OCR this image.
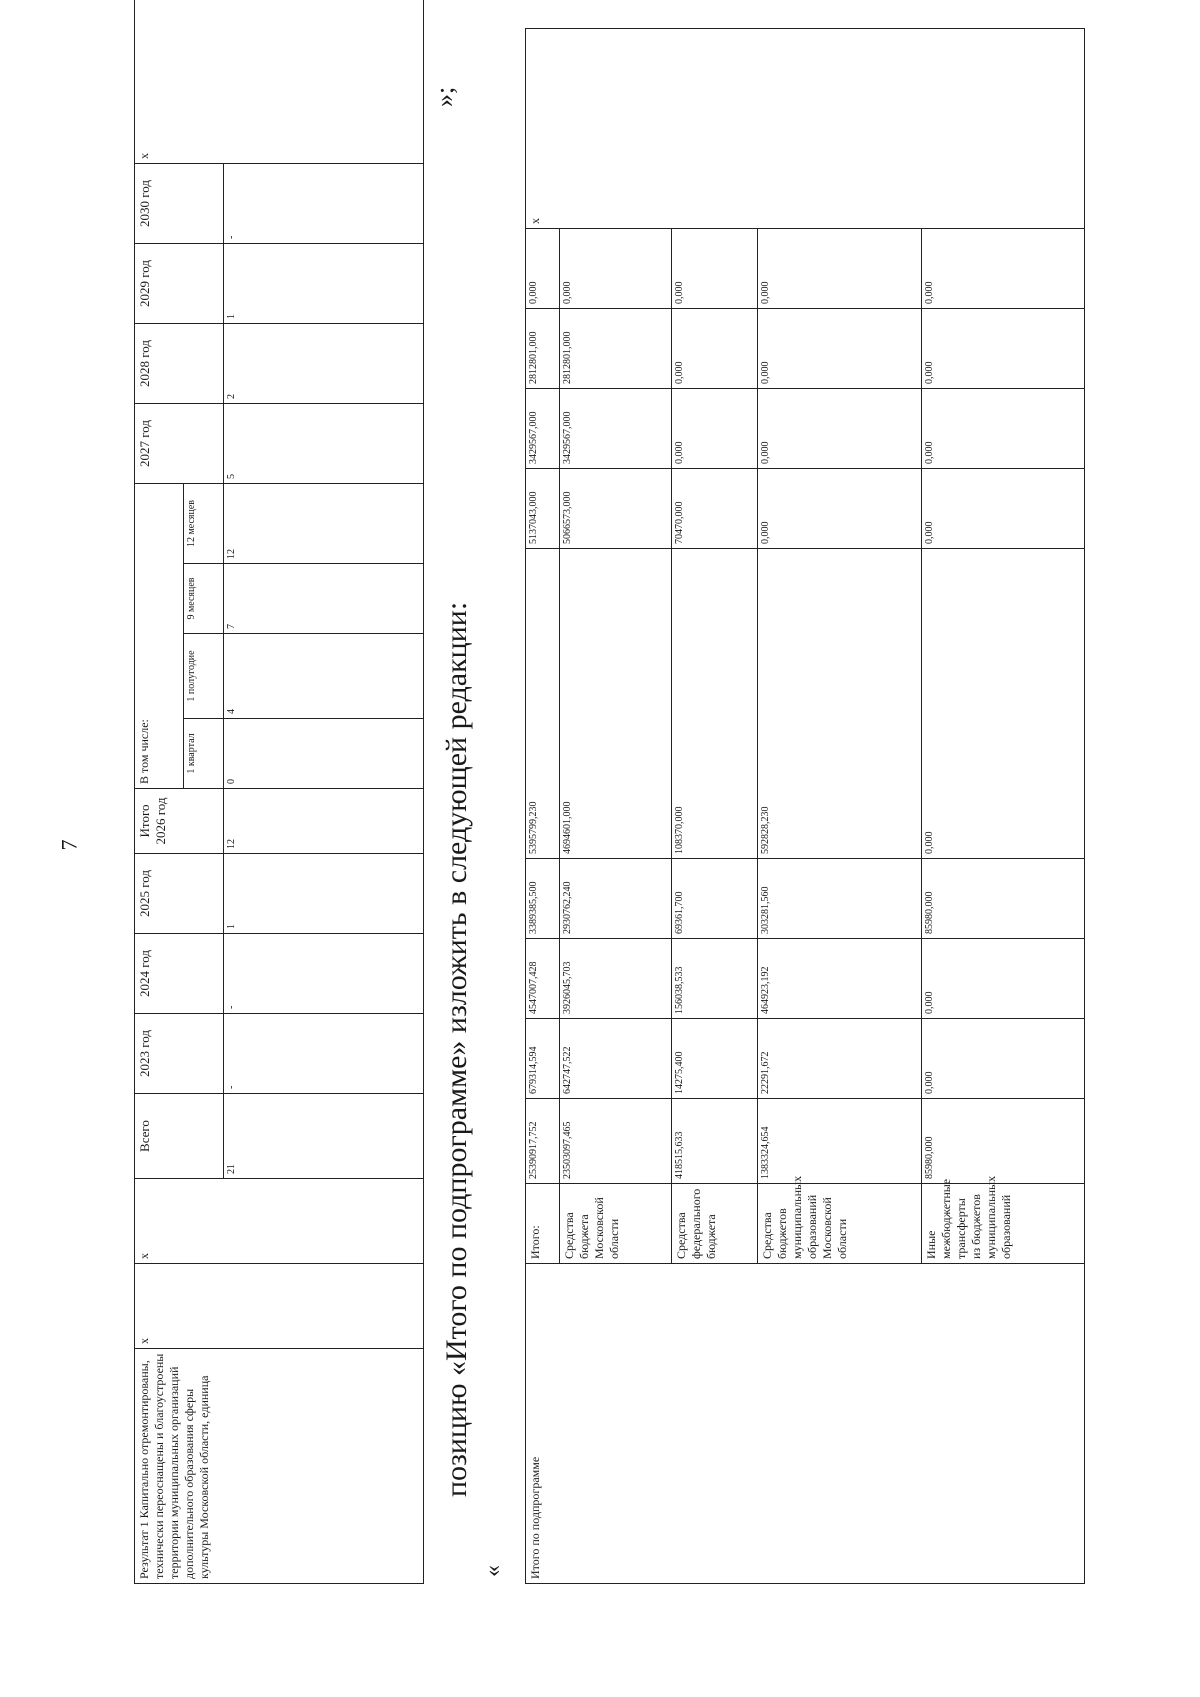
»;
Результат 1 Капитально отремонтированы, технически переоснащены и благоустроены территории муниципальных организаций дополнительного образования сферы культуры Московской области, единица	x	x	Всего	2023 год	2024 год	2025 год	Итого 2026 год	В том числе:				2027 год	2028 год	2029 год	2030 год	x
								1 квартал	1 полугодие	9 месяцев	12 месяцев					
			21	-	-	1	12	0	4	7	12	5	2	1	-	
позицию «Итого по подпрограмме» изложить в следующей редакции:
« Итого по подпрограмме	Итого:	25390917,752	679314,594	4547007,428	3389385,500	5395799,230	5137043,000	3429567,000	2812801,000	0,000	x
	Средства бюджета Московской области	23503097,465	642747,522	3926045,703	2930762,240	4694601,000	5066573,000	3429567,000	2812801,000	0,000	
	Средства федерального бюджета	418515,633	14275,400	156038,533	69361,700	108370,000	70470,000	0,000	0,000	0,000	
	Средства бюджетов муниципальных образований Московской области	1383324,654	22291,672	464923,192	303281,560	592828,230	0,000	0,000	0,000	0,000	
	Иные межбюджетные трансферты из бюджетов муниципальных образований	85980,000	0,000	0,000	85980,000	0,000	0,000	0,000	0,000	0,000	
7
